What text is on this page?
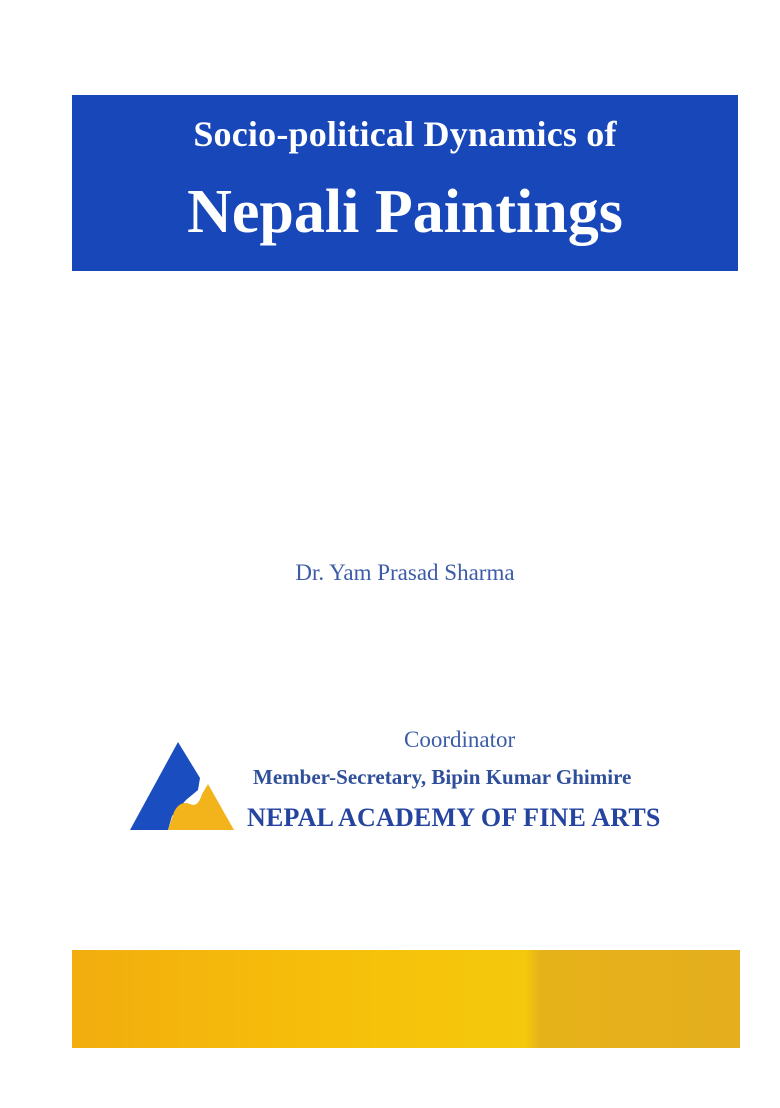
Socio-political Dynamics of
Nepali Paintings
Dr. Yam Prasad Sharma
Coordinator
Member-Secretary, Bipin Kumar Ghimire
NEPAL ACADEMY OF FINE ARTS
